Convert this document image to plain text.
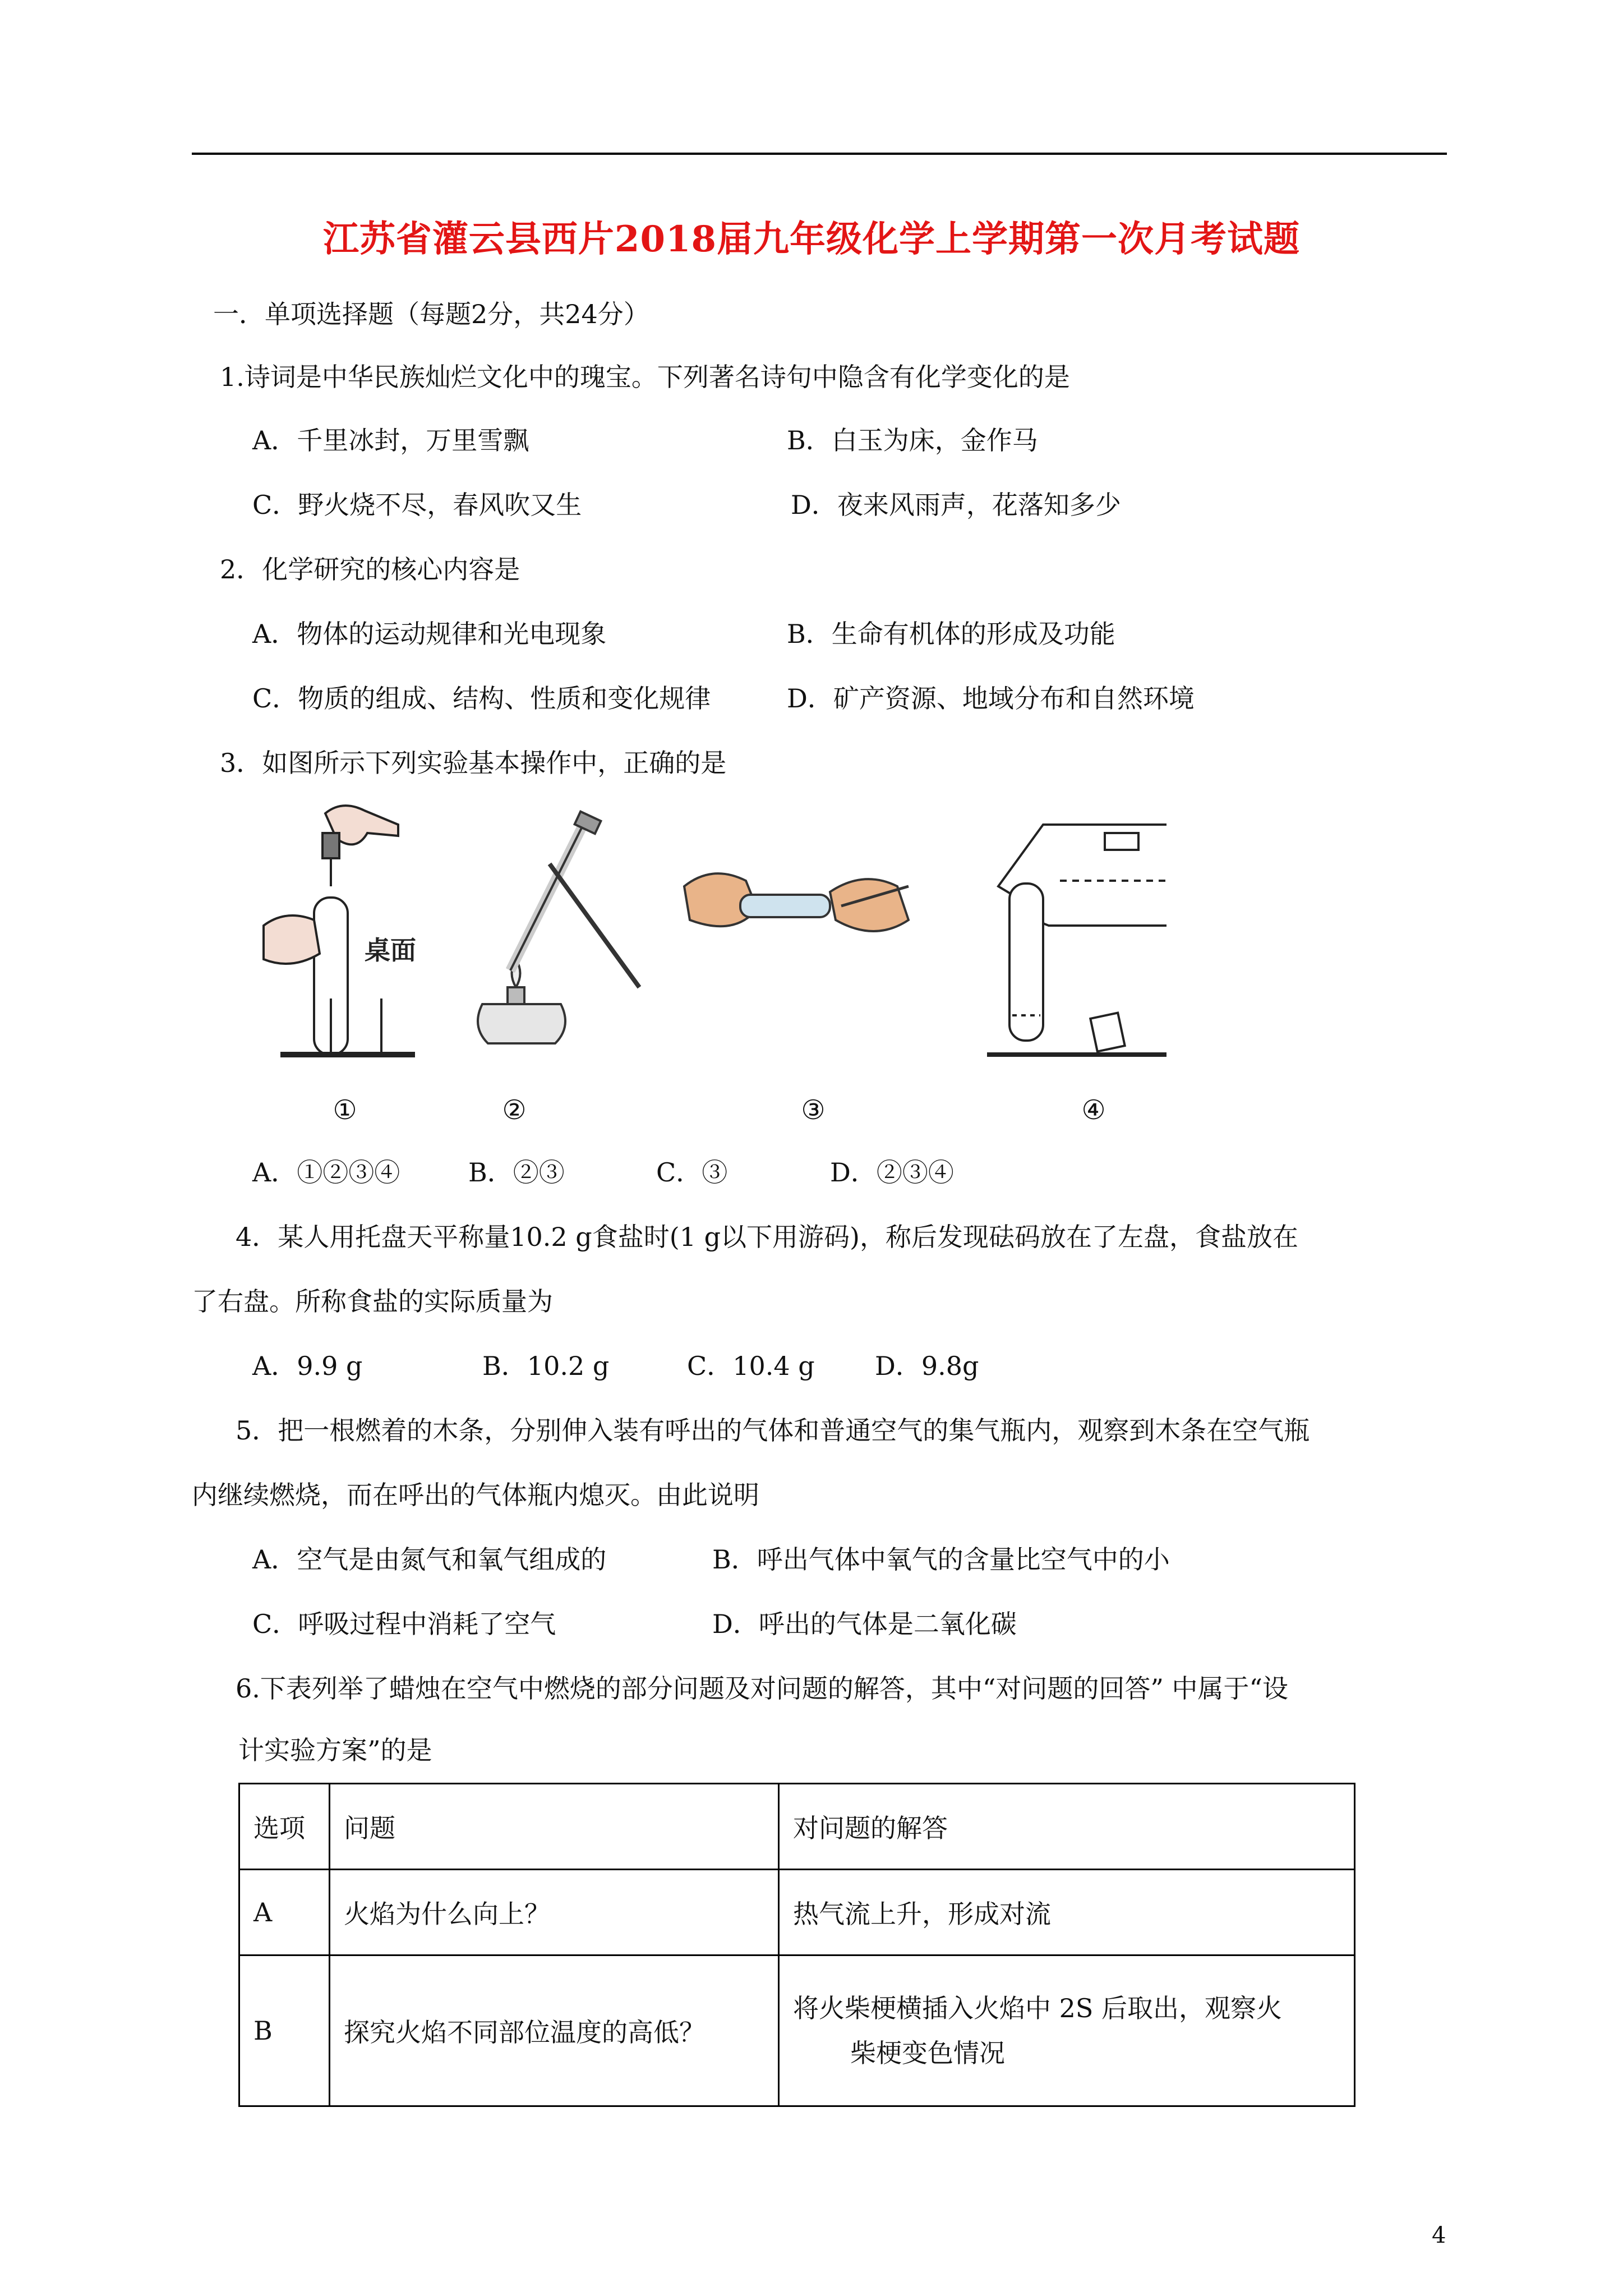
江苏省灌云县西片2018届九年级化学上学期第一次月考试题
一．单项选择题（每题2分，共24分）
1.诗词是中华民族灿烂文化中的瑰宝。下列著名诗句中隐含有化学变化的是
A．千里冰封，万里雪飘	B．白玉为床，金作马
C．野火烧不尽，春风吹又生	D．夜来风雨声，花落知多少
2．化学研究的核心内容是
A．物体的运动规律和光电现象	B．生命有机体的形成及功能
C．物质的组成、结构、性质和变化规律	D．矿产资源、地域分布和自然环境
3．如图所示下列实验基本操作中，正确的是
桌面
①	②	③	④
A．①②③④	B．②③	C．③	D．②③④
4．某人用托盘天平称量10.2 g食盐时(1 g以下用游码)，称后发现砝码放在了左盘，食盐放在
了右盘。所称食盐的实际质量为
A．9.9 g	B．10.2 g	C．10.4 g D．9.8g
5．把一根燃着的木条，分别伸入装有呼出的气体和普通空气的集气瓶内，观察到木条在空气瓶
内继续燃烧，而在呼出的气体瓶内熄灭。由此说明
A．空气是由氮气和氧气组成的	B．呼出气体中氧气的含量比空气中的小
C．呼吸过程中消耗了空气	D．呼出的气体是二氧化碳
6.下表列举了蜡烛在空气中燃烧的部分问题及对问题的解答，其中“对问题的回答” 中属于“设
计实验方案”的是
选项	问题	对问题的解答
A	火焰为什么向上？	热气流上升，形成对流
B	探究火焰不同部位温度的高低？	将火柴梗横插入火焰中 2S 后取出，观察火
柴梗变色情况
4
